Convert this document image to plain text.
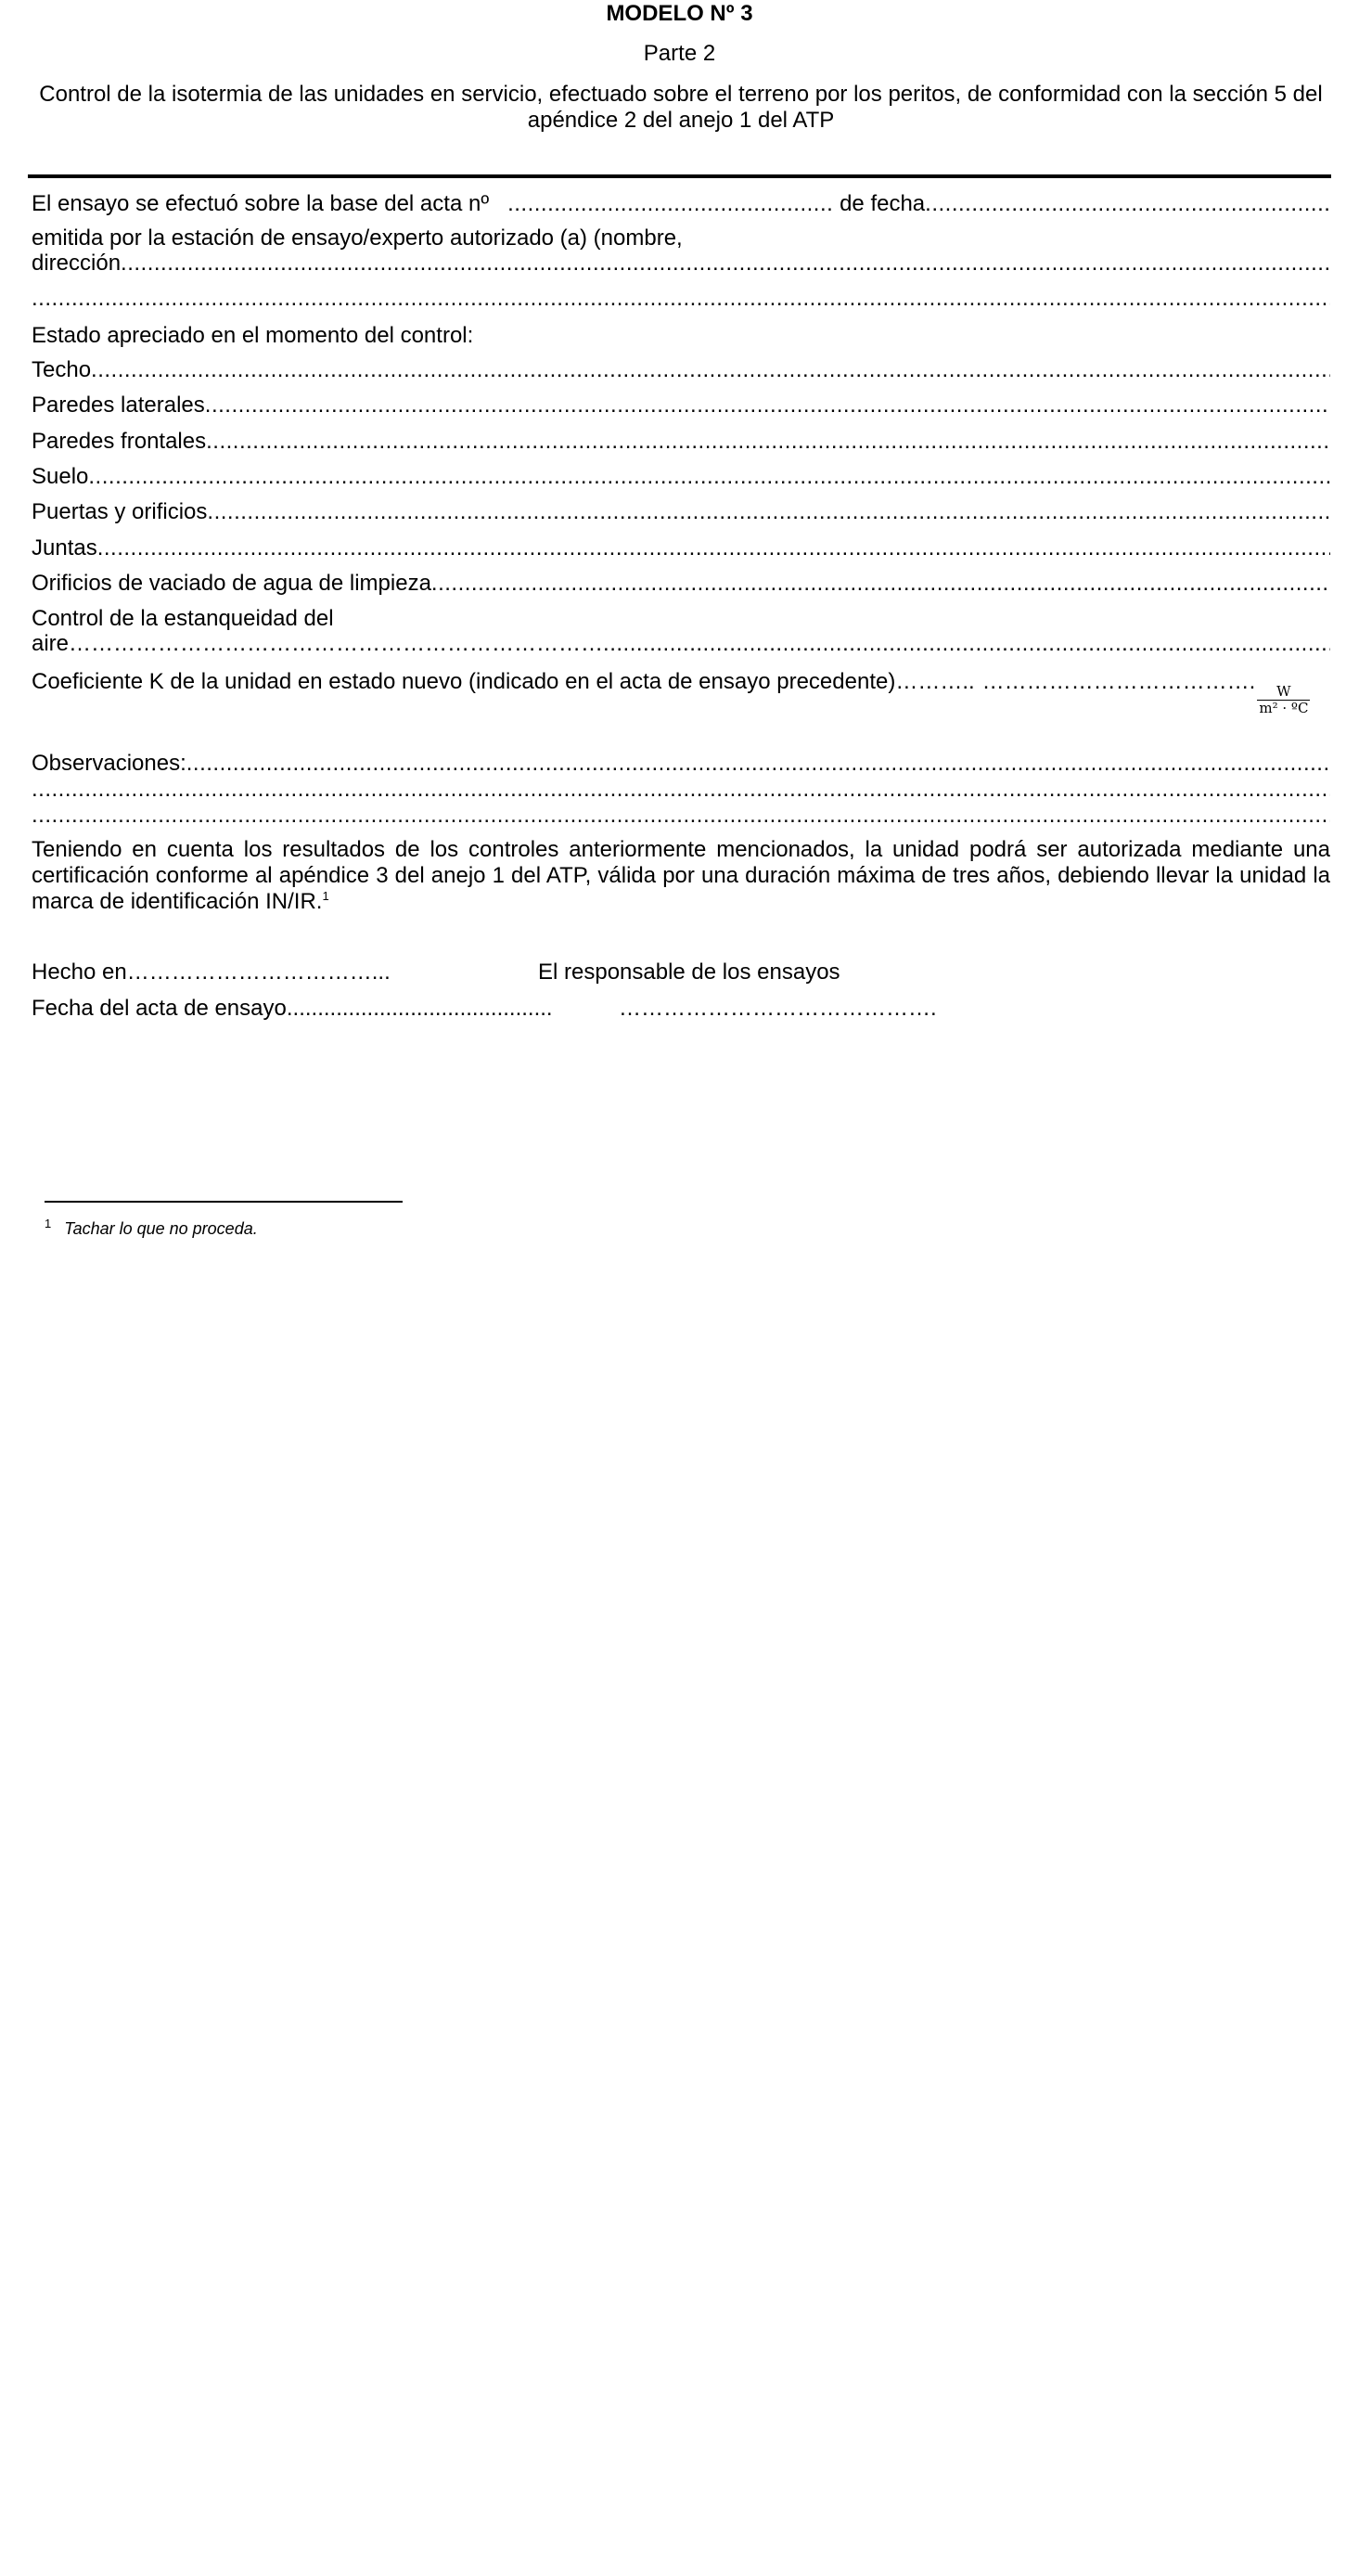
MODELO Nº 3
Parte 2
Control de la isotermia de las unidades en servicio, efectuado sobre el terreno por los peritos, de conformidad con la sección 5 del apéndice 2 del anejo 1 del ATP
El ensayo se efectuó sobre la base del acta nº
.....	de fecha
.....
emitida por la estación de ensayo/experto autorizado (a) (nombre,
dirección
.....
.....
Estado apreciado en el momento del control:
Techo
.....
Paredes laterales
.....
Paredes frontales
.....
Suelo
.....
Puertas y orificios
.....
Juntas
.....
Orificios de vaciado de agua de limpieza
.....
Control de la estanqueidad del
aire ………………………………………………………………
.....
Coeficiente K de la unidad en estado nuevo (indicado en el acta de ensayo precedente) ……….. ……………………………….
$\frac{W}{\text{m² · ºC}}$
Observaciones:
.....
.....
.....
Teniendo en cuenta los resultados de los controles anteriormente mencionados, la unidad podrá ser autorizada mediante una certificación conforme al apéndice 3 del anejo 1 del ATP, válida por una duración máxima de tres años, debiendo llevar la unidad la marca de identificación IN/IR.$^1$
Hecho en……………………………...	El responsable de los ensayos
Fecha del acta de ensayo...........................................	…………………………………….
$^1$ Tachar lo que no proceda.
